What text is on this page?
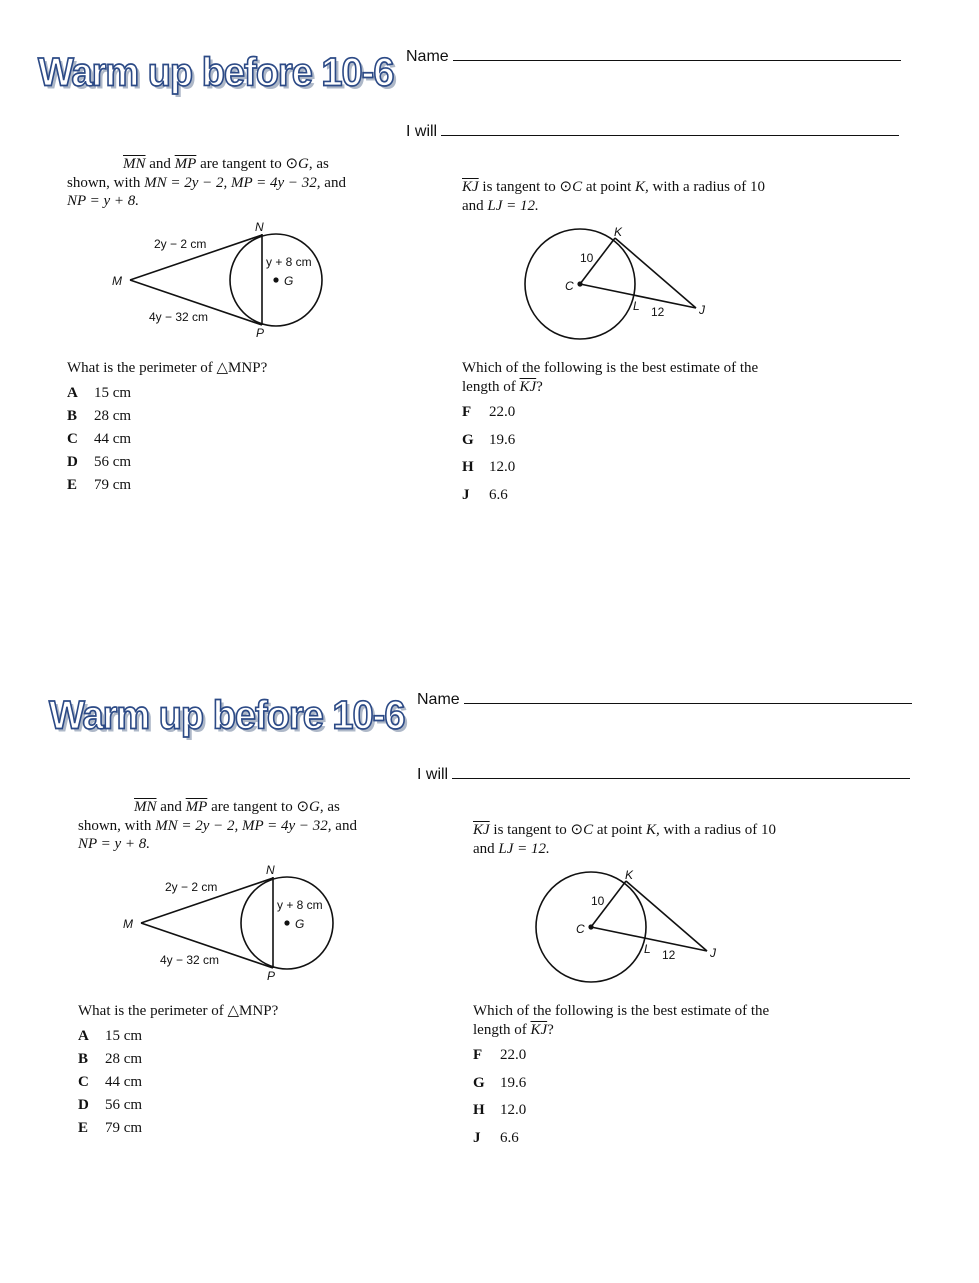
Warm up before 10-6 Name
I will
$\overline{MN}$ and $\overline{MP}$ are tangent to ⊙G, as
shown, with MN = 2y − 2, MP = 4y − 32, and
NP = y + 8.
2y − 2 cm
4y − 32 cm
y + 8 cm
M
N
P
G
What is the perimeter of △MNP?
A 15 cm
B 28 cm
C 44 cm
D 56 cm
E 79 cm
$\overline{KJ}$ is tangent to ⊙C at point K, with a radius of 10
and LJ = 12.
10
12
C
K
L	J
Which of the following is the best estimate of the
length of $\overline{KJ}$?
F 22.0
G 19.6
H 12.0
J 6.6
Warm up before 10-6 Name
I will
$\overline{MN}$ and $\overline{MP}$ are tangent to ⊙G, as
shown, with MN = 2y − 2, MP = 4y − 32, and
NP = y + 8.
2y − 2 cm
4y − 32 cm
y + 8 cm
M
N
P
G
What is the perimeter of △MNP?
A 15 cm
B 28 cm
C 44 cm
D 56 cm
E 79 cm
$\overline{KJ}$ is tangent to ⊙C at point K, with a radius of 10
and LJ = 12.
10
12
C
K
L	J
Which of the following is the best estimate of the
length of $\overline{KJ}$?
F 22.0
G 19.6
H 12.0
J 6.6
